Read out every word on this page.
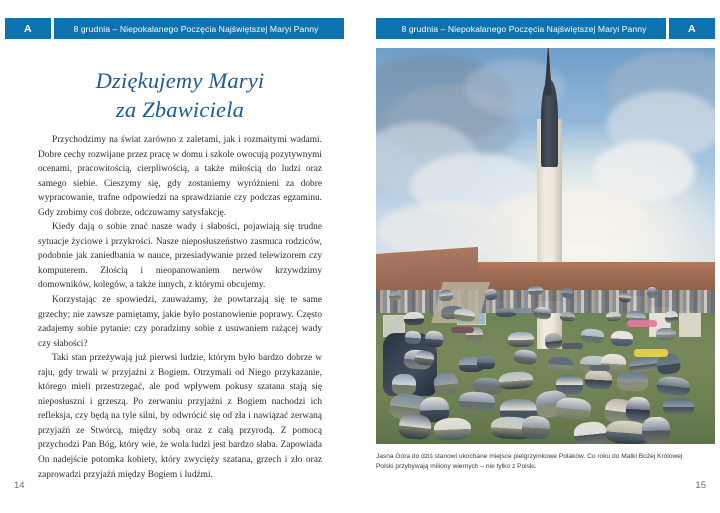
A	8 grudnia – Niepokalanego Poczęcia Najświętszej Maryi Panny
Dziękujemy Maryi
za Zbawiciela

Przychodzimy na świat zarówno z zaletami, jak i rozmaitymi wadami. Dobre cechy rozwijane przez pracę w domu i szkole owocują pozytywnymi ocenami, pracowitością, cierpliwością, a także miłością do ludzi oraz samego siebie. Cieszymy się, gdy zostaniemy wyróżnieni za dobre wypracowanie, trafne odpowiedzi na sprawdzianie czy podczas egzaminu. Gdy zrobimy coś dobrze, odczuwamy satysfakcję.

Kiedy dają o sobie znać nasze wady i słabości, pojawiają się trudne sytuacje życiowe i przykrości. Nasze nieposłuszeństwo zasmuca rodziców, podobnie jak zaniedbania w nauce, przesiadywanie przed telewizorem czy komputerem. Złością i nieopanowaniem nerwów krzywdzimy domowników, kolegów, a także innych, z którymi obcujemy.

Korzystając ze spowiedzi, zauważamy, że powtarzają się te same grzechy; nie zawsze pamiętamy, jakie było postanowienie poprawy. Często zadajemy sobie pytanie: czy poradzimy sobie z usuwaniem rażącej wady czy słabości?

Taki stan przeżywają już pierwsi ludzie, którym było bardzo dobrze w raju, gdy trwali w przyjaźni z Bogiem. Otrzymali od Niego przykazanie, którego mieli przestrzegać, ale pod wpływem pokusy szatana stają się nieposłuszni i grzeszą. Po zerwaniu przyjaźni z Bogiem nachodzi ich refleksja, czy będą na tyle silni, by odwrócić się od zła i nawiązać zerwaną przyjaźń ze Stwórcą, między sobą oraz z całą przyrodą. Z pomocą przychodzi Pan Bóg, który wie, że wola ludzi jest bardzo słaba. Zapowiada On nadejście potomka kobiety, który zwycięży szatana, grzech i zło oraz zaprowadzi przyjaźń między Bogiem i ludźmi.

14
8 grudnia – Niepokalanego Poczęcia Najświętszej Maryi Panny	A
Jasna Góra do dziś stanowi ukochane miejsce pielgrzymkowe Polaków. Co roku do Matki Bożej Królowej Polski przybywają miliony wiernych – nie tylko z Polski.
15
